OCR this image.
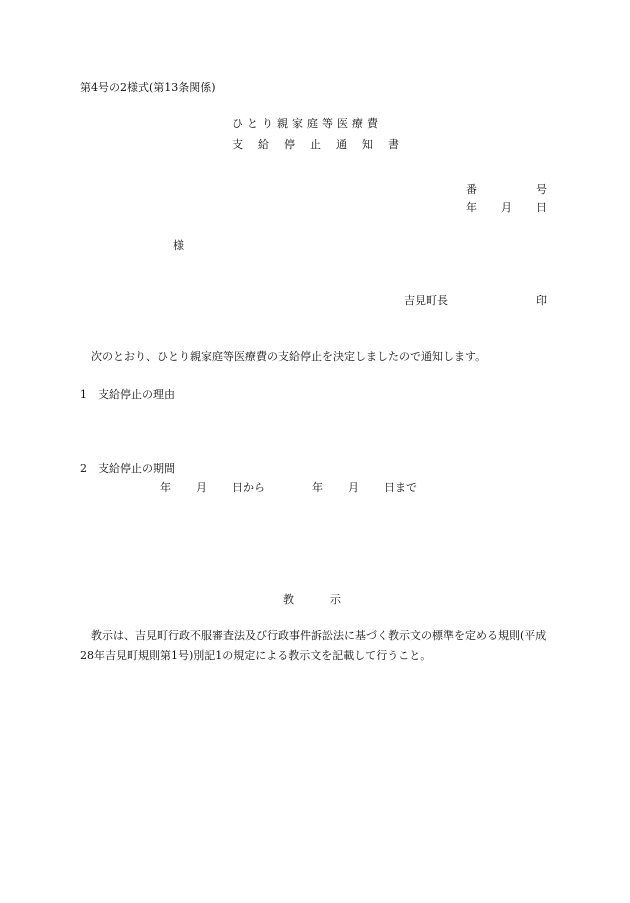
第4号の2様式(第13条関係)
ひとり親家庭等医療費
支給停止通知書
番	号
年 月 日
様
吉見町長	印
次のとおり、ひとり親家庭等医療費の支給停止を決定しましたので通知します。
1　支給停止の理由
2　支給停止の期間
年 月 日から	年 月 日まで
教	示
教示は、吉見町行政不服審査法及び行政事件訴訟法に基づく教示文の標準を定める規則(平成28年吉見町規則第1号)別記1の規定による教示文を記載して行うこと。
